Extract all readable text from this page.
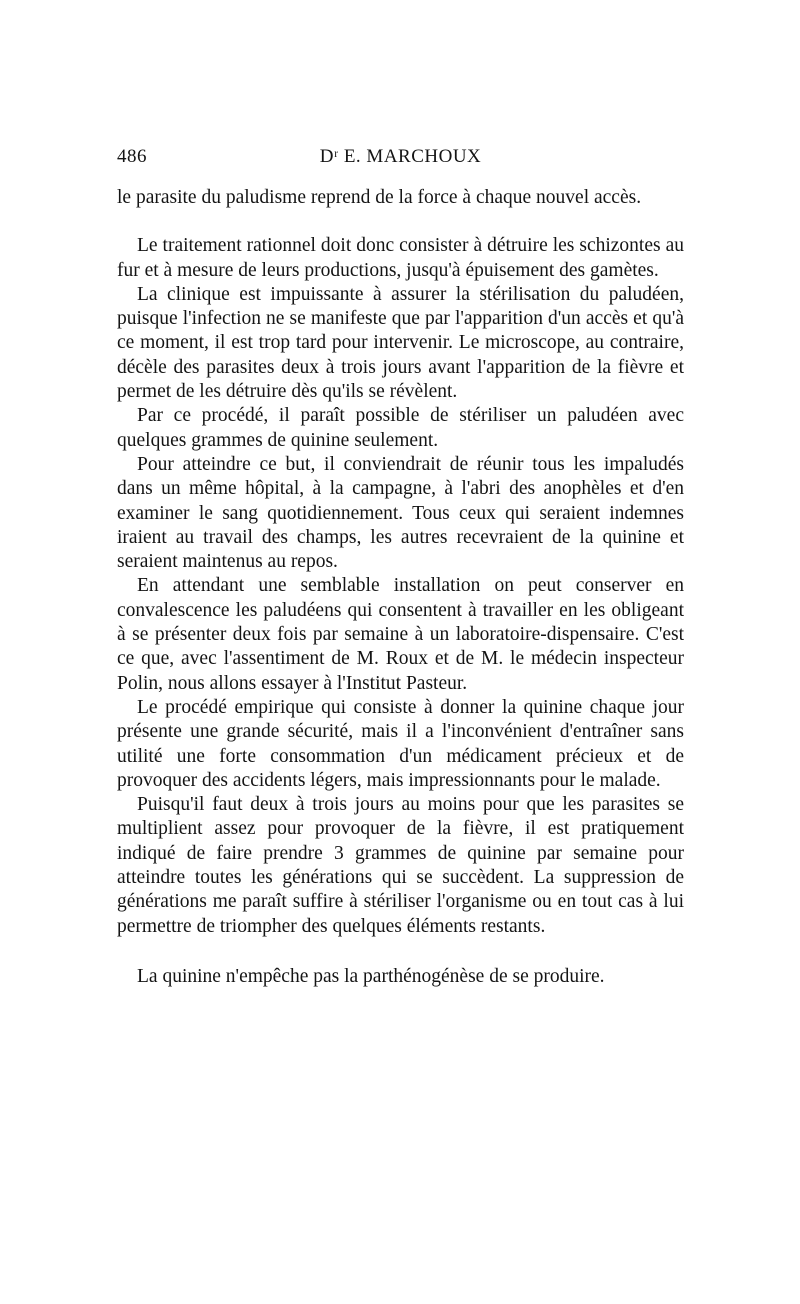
486	Dʳ E. MARCHOUX

le parasite du paludisme reprend de la force à chaque nouvel accès.

Le traitement rationnel doit donc consister à détruire les schizontes au fur et à mesure de leurs productions, jusqu'à épuisement des gamètes.

La clinique est impuissante à assurer la stérilisation du paludéen, puisque l'infection ne se manifeste que par l'apparition d'un accès et qu'à ce moment, il est trop tard pour intervenir. Le microscope, au contraire, décèle des parasites deux à trois jours avant l'apparition de la fièvre et permet de les détruire dès qu'ils se révèlent.

Par ce procédé, il paraît possible de stériliser un paludéen avec quelques grammes de quinine seulement.

Pour atteindre ce but, il conviendrait de réunir tous les impaludés dans un même hôpital, à la campagne, à l'abri des anophèles et d'en examiner le sang quotidiennement. Tous ceux qui seraient indemnes iraient au travail des champs, les autres recevraient de la quinine et seraient maintenus au repos.

En attendant une semblable installation on peut conserver en convalescence les paludéens qui consentent à travailler en les obligeant à se présenter deux fois par semaine à un laboratoire-dispensaire. C'est ce que, avec l'assentiment de M. Roux et de M. le médecin inspecteur Polin, nous allons essayer à l'Institut Pasteur.

Le procédé empirique qui consiste à donner la quinine chaque jour présente une grande sécurité, mais il a l'inconvénient d'entraîner sans utilité une forte consommation d'un médicament précieux et de provoquer des accidents légers, mais impressionnants pour le malade.

Puisqu'il faut deux à trois jours au moins pour que les parasites se multiplient assez pour provoquer de la fièvre, il est pratiquement indiqué de faire prendre 3 grammes de quinine par semaine pour atteindre toutes les générations qui se succèdent. La suppression de générations me paraît suffire à stériliser l'organisme ou en tout cas à lui permettre de triompher des quelques éléments restants.

La quinine n'empêche pas la parthénogénèse de se produire.
